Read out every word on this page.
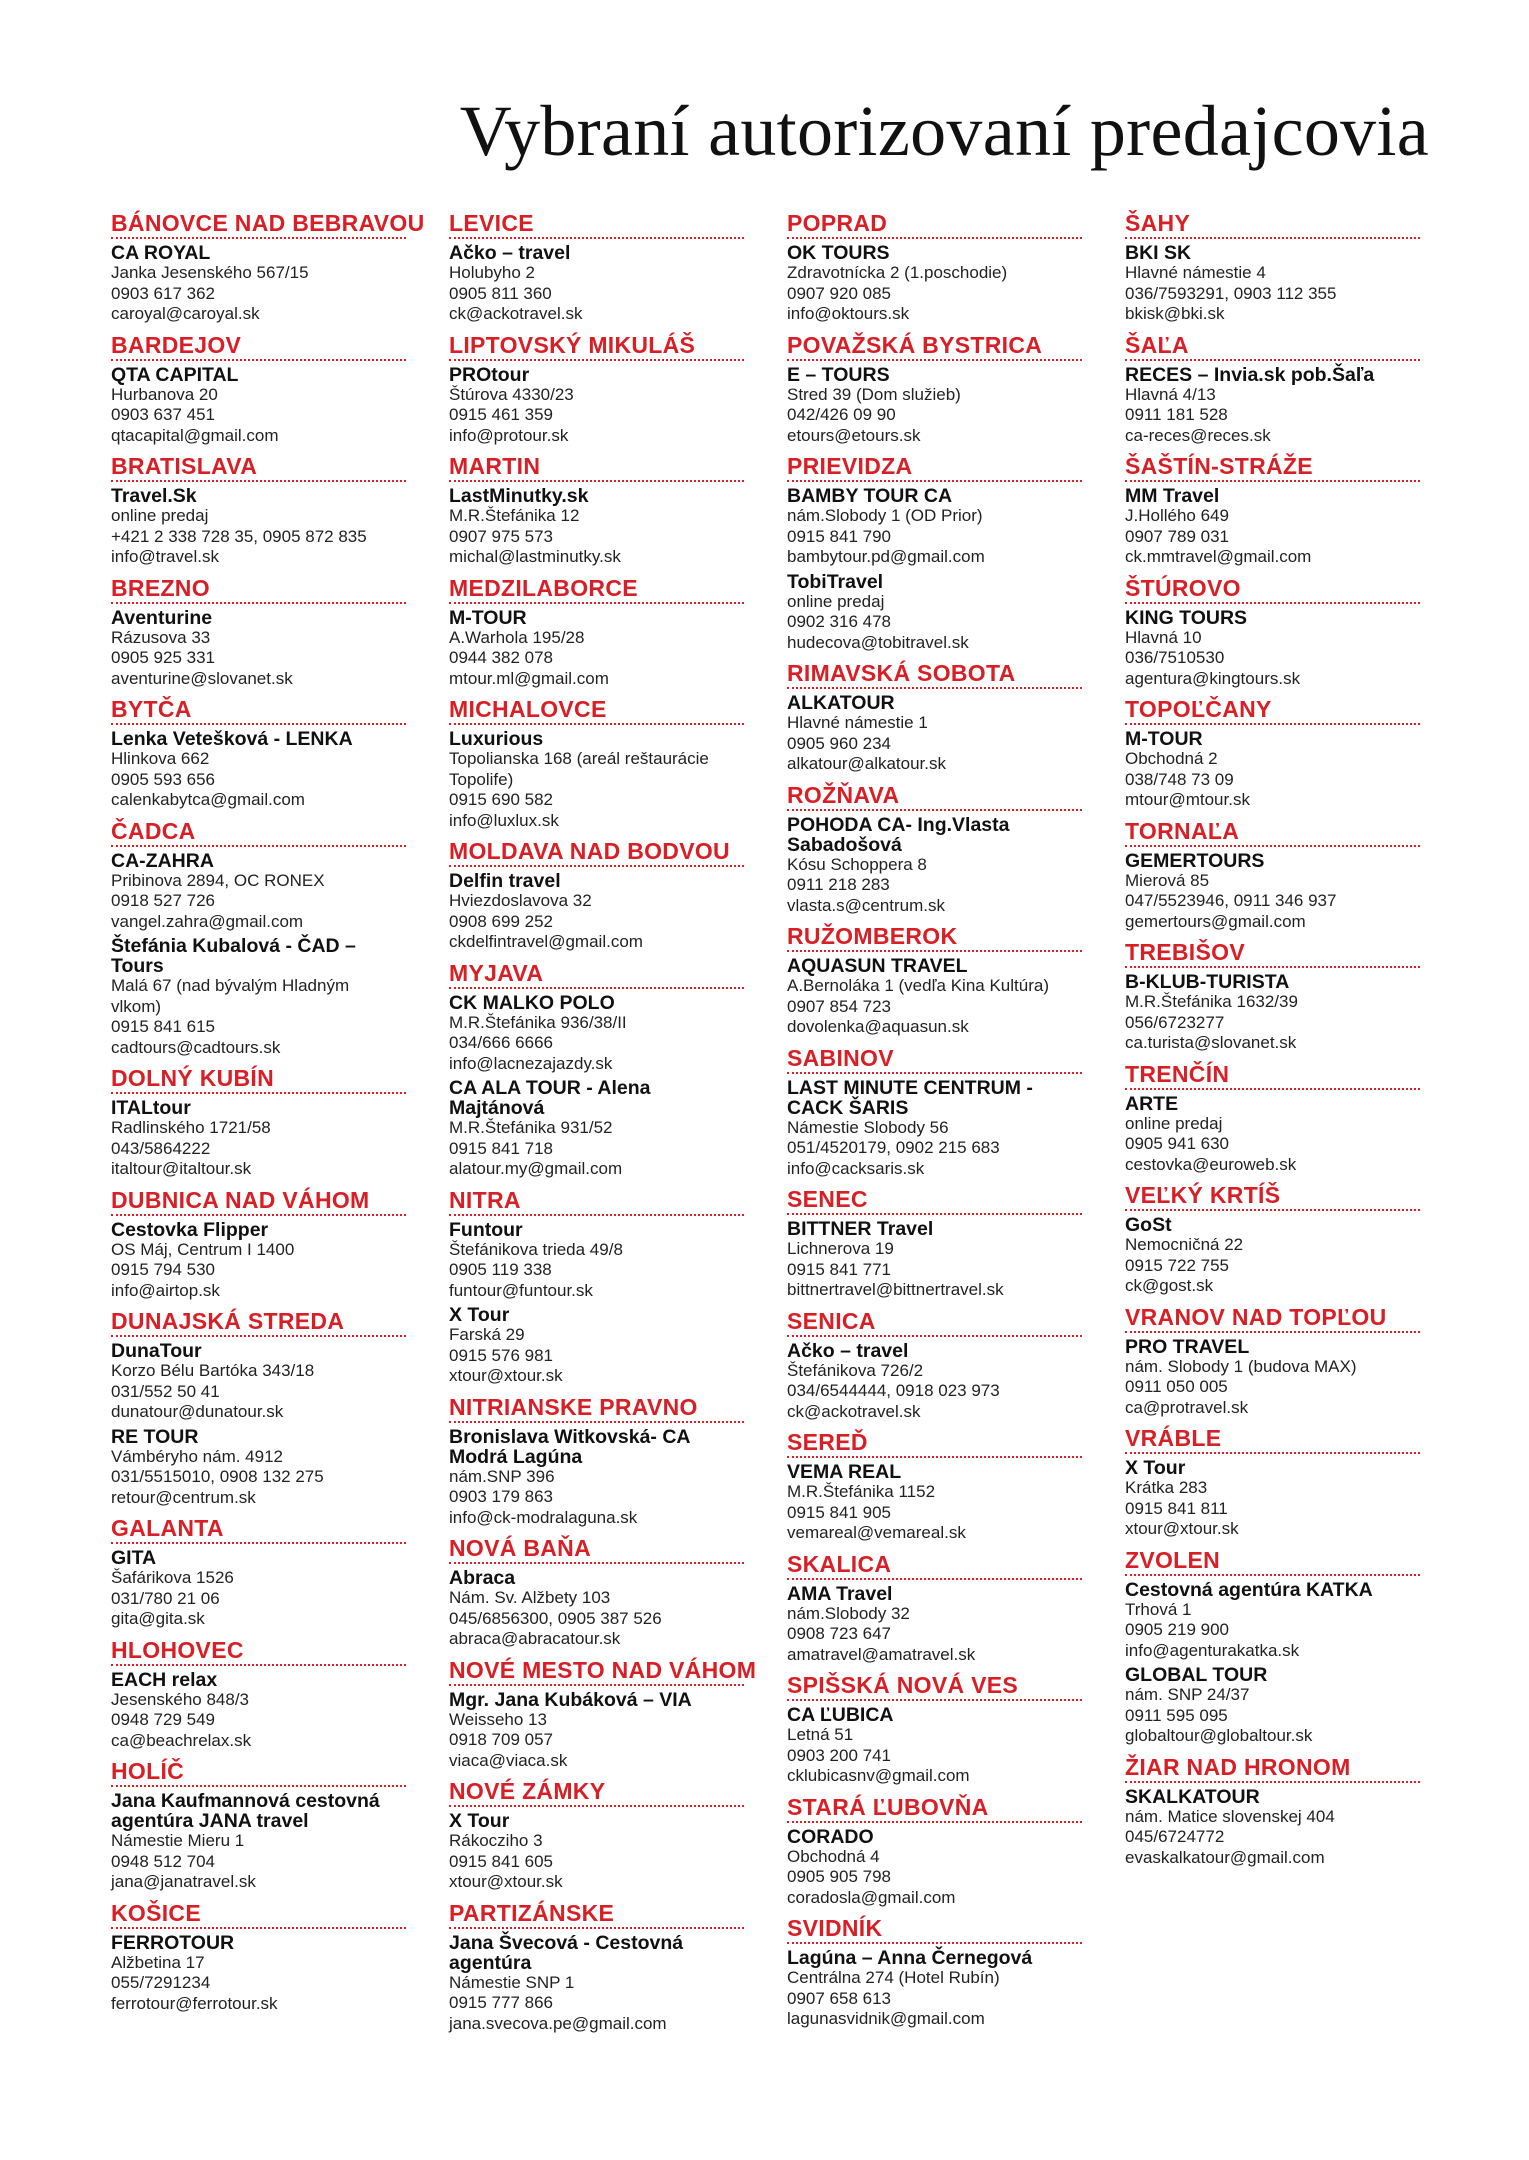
Vybraní autorizovaní predajcovia
BÁNOVCE NAD BEBRAVOU
CA ROYAL
Janka Jesenského 567/15
0903 617 362
caroyal@caroyal.sk
BARDEJOV
QTA CAPITAL
Hurbanova 20
0903 637 451
qtacapital@gmail.com
BRATISLAVA
Travel.Sk
online predaj
+421 2 338 728 35, 0905 872 835
info@travel.sk
BREZNO
Aventurine
Rázusova 33
0905 925 331
aventurine@slovanet.sk
BYTČA
Lenka Vetešková - LENKA
Hlinkova 662
0905 593 656
calenkabytca@gmail.com
ČADCA
CA-ZAHRA
Pribinova 2894, OC RONEX
0918 527 726
vangel.zahra@gmail.com
Štefánia Kubalová - ČAD – Tours
Malá 67 (nad bývalým Hladným
vlkom)
0915 841 615
cadtours@cadtours.sk
DOLNÝ KUBÍN
ITALtour
Radlinského 1721/58
043/5864222
italtour@italtour.sk
DUBNICA NAD VÁHOM
Cestovka Flipper
OS Máj, Centrum I 1400
0915 794 530
info@airtop.sk
DUNAJSKÁ STREDA
DunaTour
Korzo Bélu Bartóka 343/18
031/552 50 41
dunatour@dunatour.sk
RE TOUR
Vámbéryho nám. 4912
031/5515010, 0908 132 275
retour@centrum.sk
GALANTA
GITA
Šafárikova 1526
031/780 21 06
gita@gita.sk
HLOHOVEC
EACH relax
Jesenského 848/3
0948 729 549
ca@beachrelax.sk
HOLÍČ
Jana Kaufmannová cestovná agentúra JANA travel
Námestie Mieru 1
0948 512 704
jana@janatravel.sk
KOŠICE
FERROTOUR
Alžbetina 17
055/7291234
ferrotour@ferrotour.sk
LEVICE
Ačko – travel
Holubyho 2
0905 811 360
ck@ackotravel.sk
LIPTOVSKÝ MIKULÁŠ
PROtour
Štúrova 4330/23
0915 461 359
info@protour.sk
MARTIN
LastMinutky.sk
M.R.Štefánika 12
0907 975 573
michal@lastminutky.sk
MEDZILABORCE
M-TOUR
A.Warhola 195/28
0944 382 078
mtour.ml@gmail.com
MICHALOVCE
Luxurious
Topolianska 168 (areál reštaurácie
Topolife)
0915 690 582
info@luxlux.sk
MOLDAVA NAD BODVOU
Delfin travel
Hviezdoslavova 32
0908 699 252
ckdelfintravel@gmail.com
MYJAVA
CK MALKO POLO
M.R.Štefánika 936/38/II
034/666 6666
info@lacnezajazdy.sk
CA ALA TOUR - Alena Majtánová
M.R.Štefánika 931/52
0915 841 718
alatour.my@gmail.com
NITRA
Funtour
Štefánikova trieda 49/8
0905 119 338
funtour@funtour.sk
X Tour
Farská 29
0915 576 981
xtour@xtour.sk
NITRIANSKE PRAVNO
Bronislava Witkovská- CA Modrá Lagúna
nám.SNP 396
0903 179 863
info@ck-modralaguna.sk
NOVÁ BAŇA
Abraca
Nám. Sv. Alžbety 103
045/6856300, 0905 387 526
abraca@abracatour.sk
NOVÉ MESTO NAD VÁHOM
Mgr. Jana Kubáková – VIA
Weisseho 13
0918 709 057
viaca@viaca.sk
NOVÉ ZÁMKY
X Tour
Rákocziho 3
0915 841 605
xtour@xtour.sk
PARTIZÁNSKE
Jana Švecová - Cestovná agentúra
Námestie SNP 1
0915 777 866
jana.svecova.pe@gmail.com
POPRAD
OK TOURS
Zdravotnícka 2 (1.poschodie)
0907 920 085
info@oktours.sk
POVAŽSKÁ BYSTRICA
E – TOURS
Stred 39 (Dom služieb)
042/426 09 90
etours@etours.sk
PRIEVIDZA
BAMBY TOUR CA
nám.Slobody 1 (OD Prior)
0915 841 790
bambytour.pd@gmail.com
TobiTravel
online predaj
0902 316 478
hudecova@tobitravel.sk
RIMAVSKÁ SOBOTA
ALKATOUR
Hlavné námestie 1
0905 960 234
alkatour@alkatour.sk
ROŽŇAVA
POHODA CA- Ing.Vlasta Sabadošová
Kósu Schoppera 8
0911 218 283
vlasta.s@centrum.sk
RUŽOMBEROK
AQUASUN TRAVEL
A.Bernoláka 1 (vedľa Kina Kultúra)
0907 854 723
dovolenka@aquasun.sk
SABINOV
LAST MINUTE CENTRUM - CACK ŠARIS
Námestie Slobody 56
051/4520179, 0902 215 683
info@cacksaris.sk
SENEC
BITTNER Travel
Lichnerova 19
0915 841 771
bittnertravel@bittnertravel.sk
SENICA
Ačko – travel
Štefánikova 726/2
034/6544444, 0918 023 973
ck@ackotravel.sk
SEREĎ
VEMA REAL
M.R.Štefánika 1152
0915 841 905
vemareal@vemareal.sk
SKALICA
AMA Travel
nám.Slobody 32
0908 723 647
amatravel@amatravel.sk
SPIŠSKÁ NOVÁ VES
CA ĽUBICA
Letná 51
0903 200 741
cklubicasnv@gmail.com
STARÁ ĽUBOVŇA
CORADO
Obchodná 4
0905 905 798
coradosla@gmail.com
SVIDNÍK
Lagúna – Anna Černegová
Centrálna 274 (Hotel Rubín)
0907 658 613
lagunasvidnik@gmail.com
ŠAHY
BKI SK
Hlavné námestie 4
036/7593291, 0903 112 355
bkisk@bki.sk
ŠAĽA
RECES – Invia.sk pob.Šaľa
Hlavná 4/13
0911 181 528
ca-reces@reces.sk
ŠAŠTÍN-STRÁŽE
MM Travel
J.Hollého 649
0907 789 031
ck.mmtravel@gmail.com
ŠTÚROVO
KING TOURS
Hlavná 10
036/7510530
agentura@kingtours.sk
TOPOĽČANY
M-TOUR
Obchodná 2
038/748 73 09
mtour@mtour.sk
TORNAĽA
GEMERTOURS
Mierová 85
047/5523946, 0911 346 937
gemertours@gmail.com
TREBIŠOV
B-KLUB-TURISTA
M.R.Štefánika 1632/39
056/6723277
ca.turista@slovanet.sk
TRENČÍN
ARTE
online predaj
0905 941 630
cestovka@euroweb.sk
VEĽKÝ KRTÍŠ
GoSt
Nemocničná 22
0915 722 755
ck@gost.sk
VRANOV NAD TOPĽOU
PRO TRAVEL
nám. Slobody 1 (budova MAX)
0911 050 005
ca@protravel.sk
VRÁBLE
X Tour
Krátka 283
0915 841 811
xtour@xtour.sk
ZVOLEN
Cestovná agentúra KATKA
Trhová 1
0905 219 900
info@agenturakatka.sk
GLOBAL TOUR
nám. SNP 24/37
0911 595 095
globaltour@globaltour.sk
ŽIAR NAD HRONOM
SKALKATOUR
nám. Matice slovenskej 404
045/6724772
evaskalkatour@gmail.com
